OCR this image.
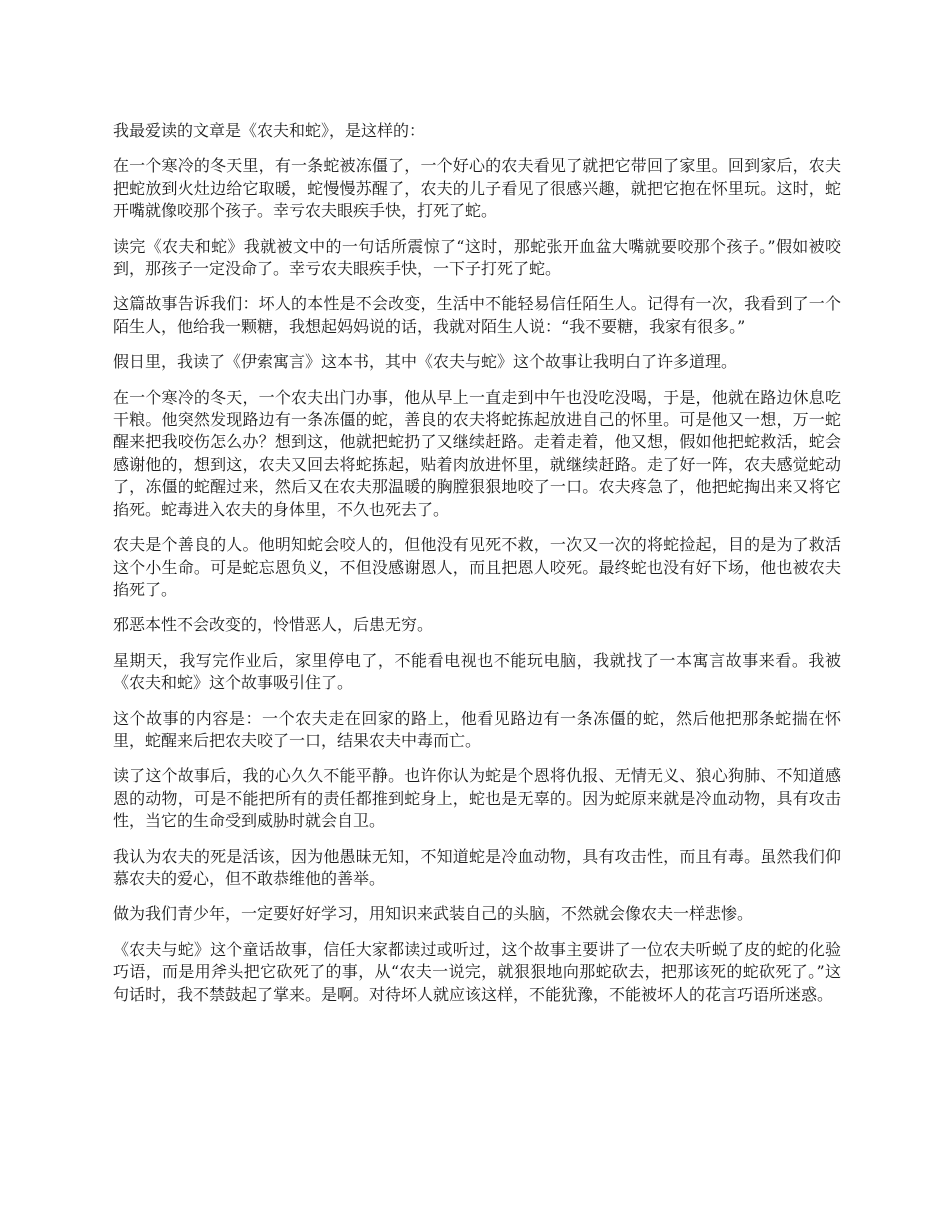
我最爱读的文章是《农夫和蛇》，是这样的：

在一个寒冷的冬天里，有一条蛇被冻僵了，一个好心的农夫看见了就把它带回了家里。回到家后，农夫把蛇放到火灶边给它取暖，蛇慢慢苏醒了，农夫的儿子看见了很感兴趣，就把它抱在怀里玩。这时，蛇开嘴就像咬那个孩子。幸亏农夫眼疾手快，打死了蛇。

读完《农夫和蛇》我就被文中的一句话所震惊了“这时，那蛇张开血盆大嘴就要咬那个孩子。”假如被咬到，那孩子一定没命了。幸亏农夫眼疾手快，一下子打死了蛇。

这篇故事告诉我们：坏人的本性是不会改变，生活中不能轻易信任陌生人。记得有一次，我看到了一个陌生人，他给我一颗糖，我想起妈妈说的话，我就对陌生人说：“我不要糖，我家有很多。”

假日里，我读了《伊索寓言》这本书，其中《农夫与蛇》这个故事让我明白了许多道理。

在一个寒冷的冬天，一个农夫出门办事，他从早上一直走到中午也没吃没喝，于是，他就在路边休息吃干粮。他突然发现路边有一条冻僵的蛇，善良的农夫将蛇拣起放进自己的怀里。可是他又一想，万一蛇醒来把我咬伤怎么办？想到这，他就把蛇扔了又继续赶路。走着走着，他又想，假如他把蛇救活，蛇会感谢他的，想到这，农夫又回去将蛇拣起，贴着肉放进怀里，就继续赶路。走了好一阵，农夫感觉蛇动了，冻僵的蛇醒过来，然后又在农夫那温暖的胸膛狠狠地咬了一口。农夫疼急了，他把蛇掏出来又将它掐死。蛇毒进入农夫的身体里，不久也死去了。

农夫是个善良的人。他明知蛇会咬人的，但他没有见死不救，一次又一次的将蛇捡起，目的是为了救活这个小生命。可是蛇忘恩负义，不但没感谢恩人，而且把恩人咬死。最终蛇也没有好下场，他也被农夫掐死了。

邪恶本性不会改变的，怜惜恶人，后患无穷。

星期天，我写完作业后，家里停电了，不能看电视也不能玩电脑，我就找了一本寓言故事来看。我被《农夫和蛇》这个故事吸引住了。

这个故事的内容是：一个农夫走在回家的路上，他看见路边有一条冻僵的蛇，然后他把那条蛇揣在怀里，蛇醒来后把农夫咬了一口，结果农夫中毒而亡。

读了这个故事后，我的心久久不能平静。也许你认为蛇是个恩将仇报、无情无义、狼心狗肺、不知道感恩的动物，可是不能把所有的责任都推到蛇身上，蛇也是无辜的。因为蛇原来就是冷血动物，具有攻击性，当它的生命受到威胁时就会自卫。

我认为农夫的死是活该，因为他愚昧无知，不知道蛇是冷血动物，具有攻击性，而且有毒。虽然我们仰慕农夫的爱心，但不敢恭维他的善举。

做为我们青少年，一定要好好学习，用知识来武装自己的头脑，不然就会像农夫一样悲惨。

《农夫与蛇》这个童话故事，信任大家都读过或听过，这个故事主要讲了一位农夫听蜕了皮的蛇的化验巧语，而是用斧头把它砍死了的事，从“农夫一说完，就狠狠地向那蛇砍去，把那该死的蛇砍死了。”这句话时，我不禁鼓起了掌来。是啊。对待坏人就应该这样，不能犹豫，不能被坏人的花言巧语所迷惑。
